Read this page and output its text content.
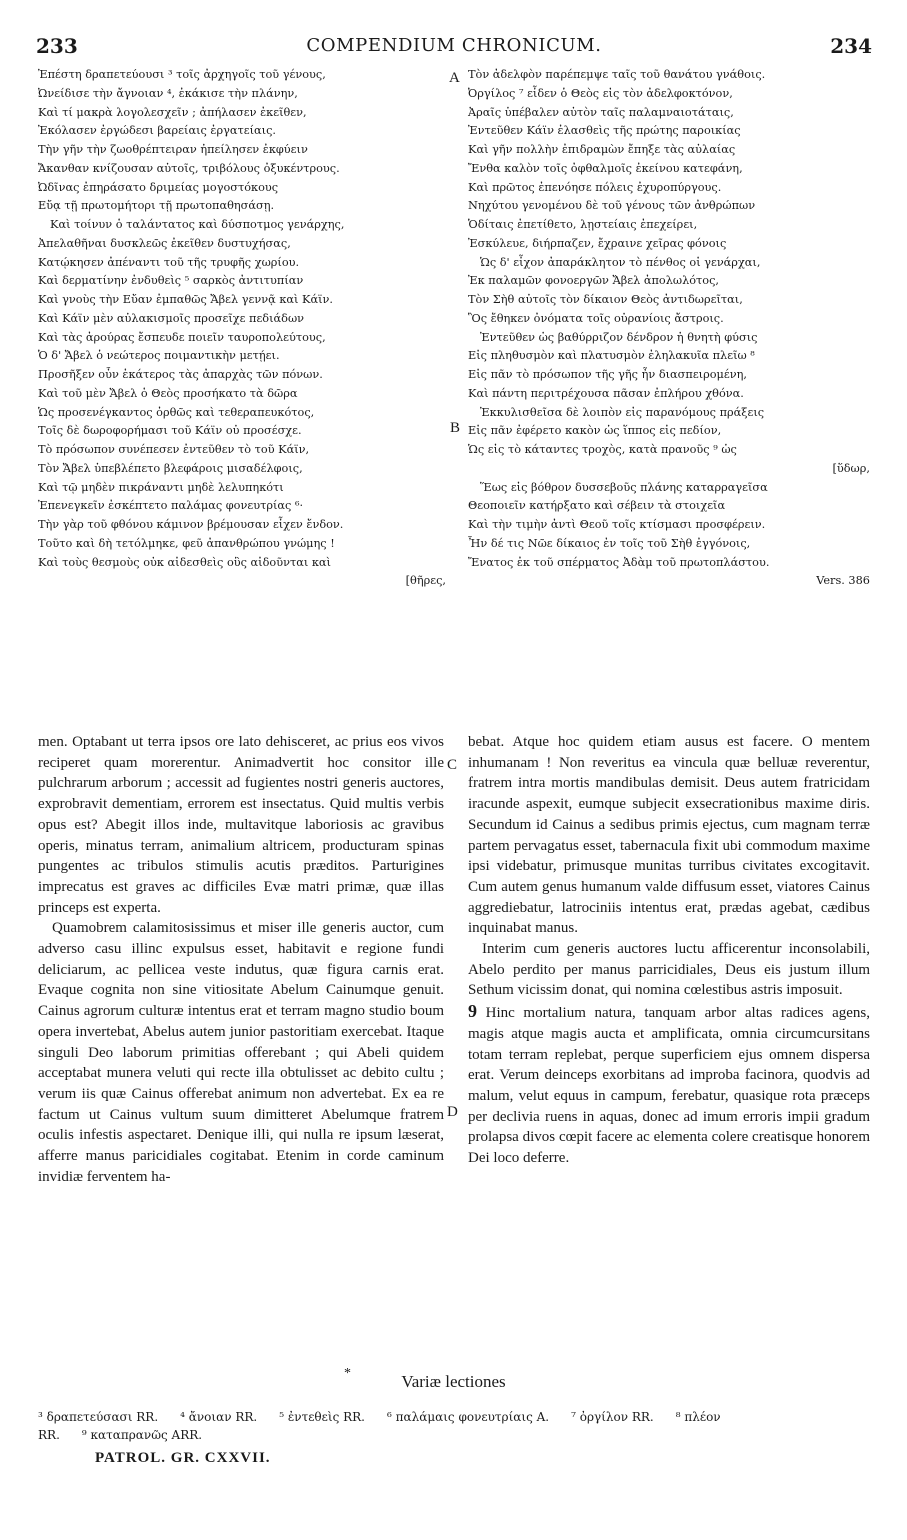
233	COMPENDIUM CHRONICUM.	234
Ἐπέστη δραπετεύουσι ³ τοῖς ἀρχηγοῖς τοῦ γένους,
Ὠνείδισε τὴν ἄγνοιαν ⁴, ἐκάκισε τὴν πλάνην,
Καὶ τί μακρὰ λογολεσχεῖν ; ἀπήλασεν ἐκεῖθεν,
Ἐκόλασεν ἐργώδεσι βαρείαις ἐργατείαις.
Τὴν γῆν τὴν ζωοθρέπτειραν ἠπείλησεν ἐκφύειν
Ἄκανθαν κνίζουσαν αὐτοῖς, τριβόλους ὀξυκέντρους.
Ὠδῖνας ἐπηράσατο δριμείας μογοστόκους
Εὔᾳ τῇ πρωτομήτορι τῇ πρωτοπαθησάσῃ.
Καὶ τοίνυν ὁ ταλάντατος καὶ δύσποτμος γενάρχης,
Ἀπελαθῆναι δυσκλεῶς ἐκεῖθεν δυστυχήσας,
Κατῴκησεν ἀπέναντι τοῦ τῆς τρυφῆς χωρίου.
Καὶ δερματίνην ἐνδυθεὶς ⁵ σαρκὸς ἀντιτυπίαν
Καὶ γνοὺς τὴν Εὔαν ἐμπαθῶς Ἄβελ γεννᾷ καὶ Κάϊν.
Καὶ Κάϊν μὲν αὐλακισμοῖς προσεῖχε πεδιάδων
Καὶ τὰς ἀρούρας ἔσπευδε ποιεῖν ταυροπολεύτους,
Ὁ δ' Ἄβελ ὁ νεώτερος ποιμαντικὴν μετῄει.
Προσῆξεν οὖν ἑκάτερος τὰς ἀπαρχὰς τῶν πόνων.
Καὶ τοῦ μὲν Ἄβελ ὁ Θεὸς προσήκατο τὰ δῶρα
Ὡς προσενέγκαντος ὀρθῶς καὶ τεθεραπευκότος,
Τοῖς δὲ δωροφορήμασι τοῦ Κάϊν οὐ προσέσχε.
Τὸ πρόσωπον συνέπεσεν ἐντεῦθεν τὸ τοῦ Κάϊν,
Τὸν Ἄβελ ὑπεβλέπετο βλεφάροις μισαδέλφοις,
Καὶ τῷ μηδὲν πικράναντι μηδὲ λελυπηκότι
Ἐπενεγκεῖν ἐσκέπτετο παλάμας φονευτρίας ⁶·
Τὴν γὰρ τοῦ φθόνου κάμινον βρέμουσαν εἶχεν ἔνδον.
Τοῦτο καὶ δὴ τετόλμηκε, φεῦ ἀπανθρώπου γνώμης !
Καὶ τοὺς θεσμοὺς οὐκ αἰδεσθεὶς οὓς αἰδοῦνται καὶ
[θῆρες,
Τὸν ἀδελφὸν παρέπεμψε ταῖς τοῦ θανάτου γνάθοις.
Ὀργίλος ⁷ εἶδεν ὁ Θεὸς εἰς τὸν ἀδελφοκτόνον,
Ἀραῖς ὑπέβαλεν αὐτὸν ταῖς παλαμναιοτάταις,
Ἐντεῦθεν Κάϊν ἐλασθεὶς τῆς πρώτης παροικίας
Καὶ γῆν πολλὴν ἐπιδραμὼν ἔπηξε τὰς αὐλαίας
Ἔνθα καλὸν τοῖς ὀφθαλμοῖς ἐκείνου κατεφάνη,
Καὶ πρῶτος ἐπενόησε πόλεις ἐχυροπύργους.
Νηχύτου γενομένου δὲ τοῦ γένους τῶν ἀνθρώπων
Ὁδίταις ἐπετίθετο, λῃστείαις ἐπεχείρει,
Ἐσκύλευε, διήρπαζεν, ἔχραινε χεῖρας φόνοις
Ὡς δ' εἶχον ἀπαράκλητον τὸ πένθος οἱ γενάρχαι,
Ἐκ παλαμῶν φονοεργῶν Ἄβελ ἀπολωλότος,
Τὸν Σὴθ αὐτοῖς τὸν δίκαιον Θεὸς ἀντιδωρεῖται,
Ὃς ἔθηκεν ὀνόματα τοῖς οὐρανίοις ἄστροις.
Ἐντεῦθεν ὡς βαθύρριζον δένδρον ἡ θνητὴ φύσις
Εἰς πληθυσμὸν καὶ πλατυσμὸν ἐληλακυῖα πλεῖω ⁸
Εἰς πᾶν τὸ πρόσωπον τῆς γῆς ἦν διασπειρομένη,
Καὶ πάντη περιτρέχουσα πᾶσαν ἐπλήρου χθόνα.
Ἐκκυλισθεῖσα δὲ λοιπὸν εἰς παρανόμους πράξεις
Εἰς πᾶν ἐφέρετο κακὸν ὡς ἵππος εἰς πεδίον,
Ὡς εἰς τὸ κάταντες τροχὸς, κατὰ πρανοῦς ⁹ ὡς
[ὕδωρ,
Ἕως εἰς βόθρον δυσσεβοῦς πλάνης καταρραγεῖσα
Θεοποιεῖν κατήρξατο καὶ σέβειν τὰ στοιχεῖα
Καὶ τὴν τιμὴν ἀντὶ Θεοῦ τοῖς κτίσμασι προσφέρειν.
Ἦν δέ τις Νῶε δίκαιος ἐν τοῖς τοῦ Σὴθ ἐγγόνοις,
Ἔνατος ἐκ τοῦ σπέρματος Ἀδὰμ τοῦ πρωτοπλάστου.
Vers. 386
A
B
C
D

men. Optabant ut terra ipsos ore lato dehisceret, ac prius eos vivos reciperet quam morerentur. Animadvertit hoc consitor ille pulchrarum arborum ; accessit ad fugientes nostri generis auctores, exprobravit dementiam, errorem est insectatus. Quid multis verbis opus est? Abegit illos inde, multavitque laboriosis ac gravibus operis, minatus terram, animalium altricem, producturam spinas pungentes ac tribulos stimulis acutis præditos. Parturigines imprecatus est graves ac difficiles Evæ matri primæ, quæ illas princeps est experta.

Quamobrem calamitosissimus et miser ille generis auctor, cum adverso casu illinc expulsus esset, habitavit e regione fundi deliciarum, ac pellicea veste indutus, quæ figura carnis erat. Evaque cognita non sine vitiositate Abelum Cainumque genuit. Cainus agrorum culturæ intentus erat et terram magno studio boum opera invertebat, Abelus autem junior pastoritiam exercebat. Itaque singuli Deo laborum primitias offerebant ; qui Abeli quidem acceptabat munera veluti qui recte illa obtulisset ac debito cultu ; verum iis quæ Cainus offerebat animum non advertebat. Ex ea re factum ut Cainus vultum suum dimitteret Abelumque fratrem oculis infestis aspectaret. Denique illi, qui nulla re ipsum læserat, afferre manus paricidiales cogitabat. Etenim in corde caminum invidiæ ferventem ha-

bebat. Atque hoc quidem etiam ausus est facere. O mentem inhumanam ! Non reveritus ea vincula quæ belluæ reverentur, fratrem intra mortis mandibulas demisit. Deus autem fratricidam iracunde aspexit, eumque subjecit exsecrationibus maxime diris. Secundum id Cainus a sedibus primis ejectus, cum magnam terræ partem pervagatus esset, tabernacula fixit ubi commodum maxime ipsi videbatur, primusque munitas turribus civitates excogitavit. Cum autem genus humanum valde diffusum esset, viatores Cainus aggrediebatur, latrociniis intentus erat, prædas agebat, cædibus inquinabat manus.

Interim cum generis auctores luctu afficerentur inconsolabili, Abelo perdito per manus parricidiales, Deus eis justum illum Sethum vicissim donat, qui nomina cœlestibus astris imposuit.

9 Hinc mortalium natura, tanquam arbor altas radices agens, magis atque magis aucta et amplificata, omnia circumcursitans totam terram replebat, perque superficiem ejus omnem dispersa erat. Verum deinceps exorbitans ad improba facinora, quodvis ad malum, velut equus in campum, ferebatur, quasique rota præceps per declivia ruens in aquas, donec ad imum erroris impii gradum prolapsa divos cœpit facere ac elementa colere creatisque honorem Dei loco deferre.

*	Variæ lectiones
³ δραπετεύσασι RR. ⁴ ἄνοιαν RR. ⁵ ἐντεθεὶς RR. ⁶ παλάμαις φονευτρίαις A. ⁷ ὀργίλον RR. ⁸ πλέον
RR. ⁹ καταπρανῶς ARR.
PATROL. GR. CXXVII.
